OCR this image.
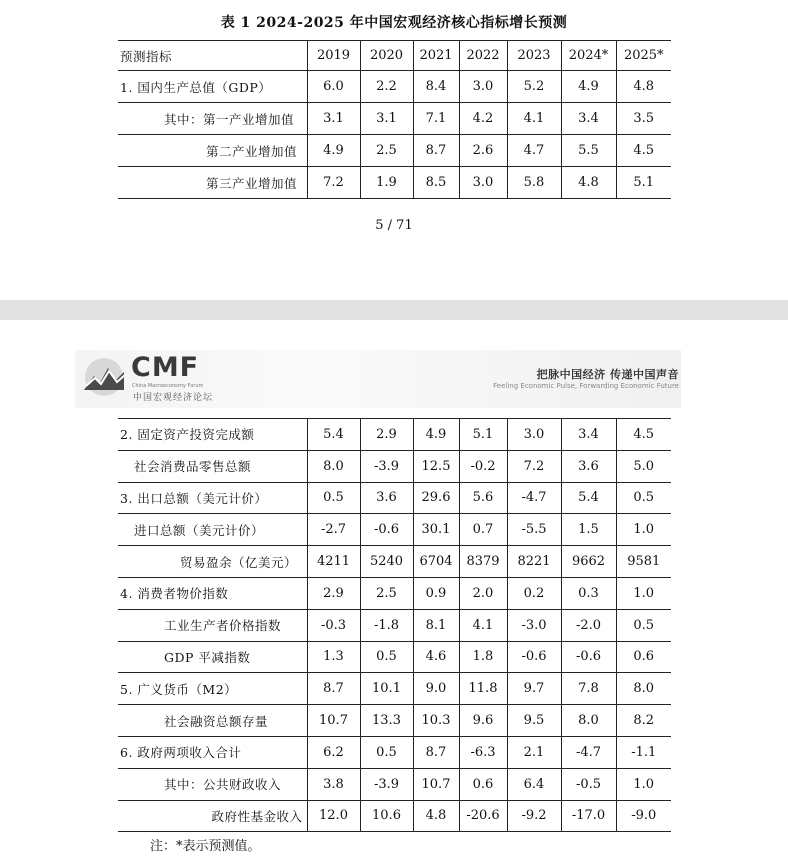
表 1 2024-2025 年中国宏观经济核心指标增长预测
预测指标	2019	2020	2021	2022	2023	2024*	2025*
1. 国内生产总值（GDP）	6.0	2.2	8.4	3.0	5.2	4.9	4.8
其中：第一产业增加值	3.1	3.1	7.1	4.2	4.1	3.4	3.5
第二产业增加值	4.9	2.5	8.7	2.6	4.7	5.5	4.5
第三产业增加值	7.2	1.9	8.5	3.0	5.8	4.8	5.1
5 / 71
CMF
China Macroeconomy Forum
中国宏观经济论坛
把脉中国经济 传递中国声音
Feeling Economic Pulse, Forwarding Economic Future
2. 固定资产投资完成额	5.4	2.9	4.9	5.1	3.0	3.4	4.5
社会消费品零售总额	8.0	-3.9	12.5	-0.2	7.2	3.6	5.0
3. 出口总额（美元计价）	0.5	3.6	29.6	5.6	-4.7	5.4	0.5
进口总额（美元计价）	-2.7	-0.6	30.1	0.7	-5.5	1.5	1.0
贸易盈余（亿美元）	4211	5240	6704	8379	8221	9662	9581
4. 消费者物价指数	2.9	2.5	0.9	2.0	0.2	0.3	1.0
工业生产者价格指数	-0.3	-1.8	8.1	4.1	-3.0	-2.0	0.5
GDP 平减指数	1.3	0.5	4.6	1.8	-0.6	-0.6	0.6
5. 广义货币（M2）	8.7	10.1	9.0	11.8	9.7	7.8	8.0
社会融资总额存量	10.7	13.3	10.3	9.6	9.5	8.0	8.2
6. 政府两项收入合计	6.2	0.5	8.7	-6.3	2.1	-4.7	-1.1
其中：公共财政收入	3.8	-3.9	10.7	0.6	6.4	-0.5	1.0
政府性基金收入	12.0	10.6	4.8	-20.6	-9.2	-17.0	-9.0
注：*表示预测值。
